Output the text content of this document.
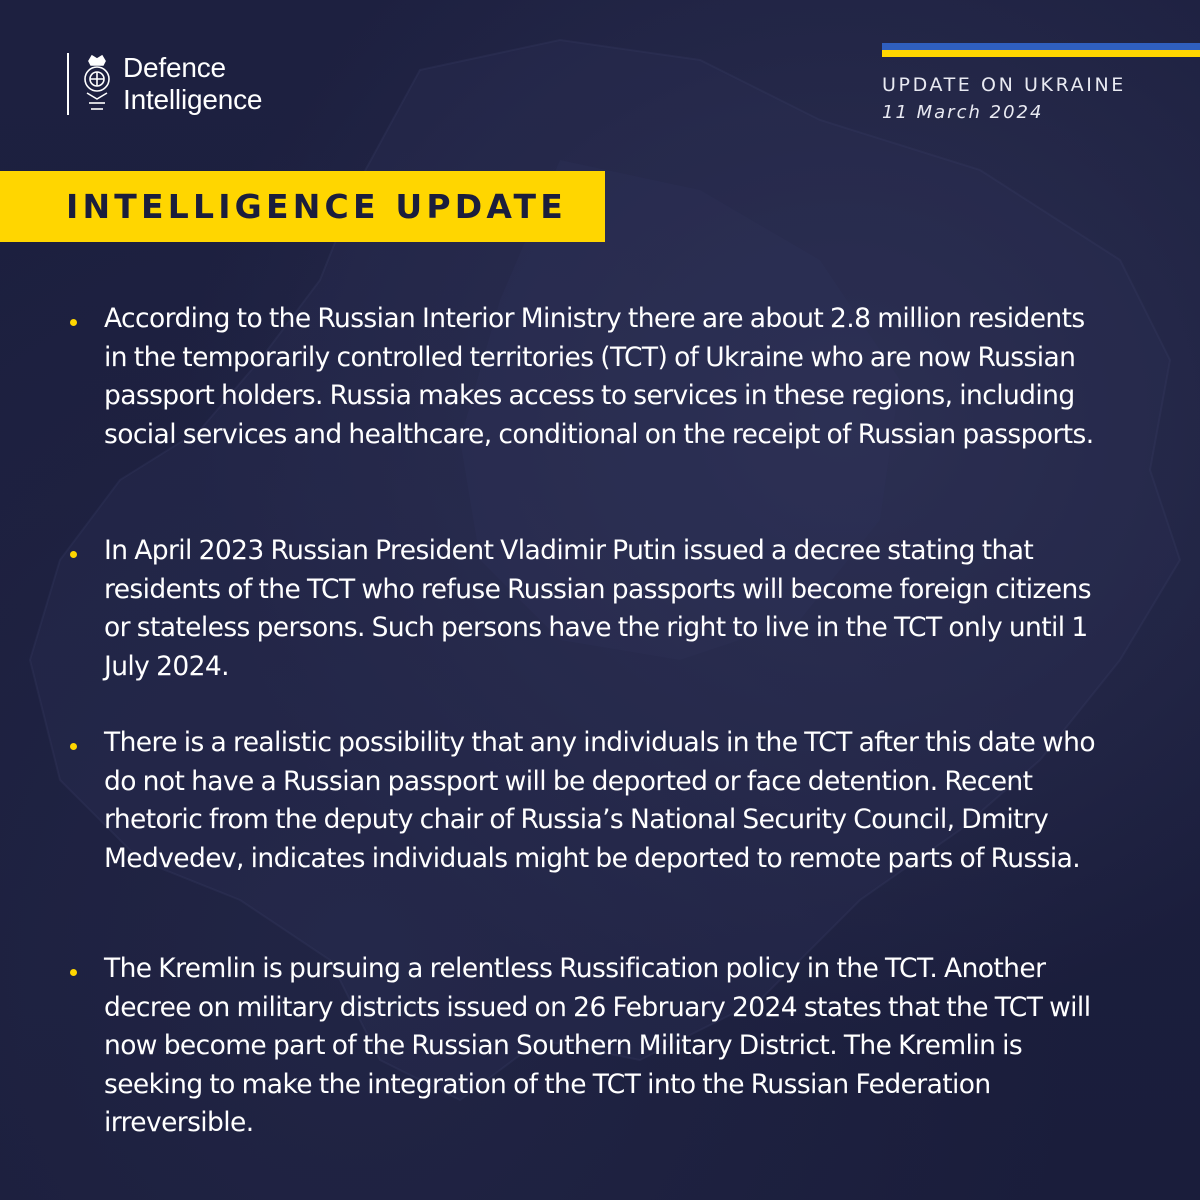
Defence
Intelligence	UPDATE ON UKRAINE
11 March 2024
INTELLIGENCE UPDATE
According to the Russian Interior Ministry there are about 2.8 million residents in the temporarily controlled territories (TCT) of Ukraine who are now Russian passport holders. Russia makes access to services in these regions, including social services and healthcare, conditional on the receipt of Russian passports.
In April 2023 Russian President Vladimir Putin issued a decree stating that residents of the TCT who refuse Russian passports will become foreign citizens or stateless persons. Such persons have the right to live in the TCT only until 1 July 2024.
There is a realistic possibility that any individuals in the TCT after this date who do not have a Russian passport will be deported or face detention. Recent rhetoric from the deputy chair of Russia’s National Security Council, Dmitry Medvedev, indicates individuals might be deported to remote parts of Russia.
The Kremlin is pursuing a relentless Russification policy in the TCT. Another decree on military districts issued on 26 February 2024 states that the TCT will now become part of the Russian Southern Military District. The Kremlin is seeking to make the integration of the TCT into the Russian Federation irreversible.
